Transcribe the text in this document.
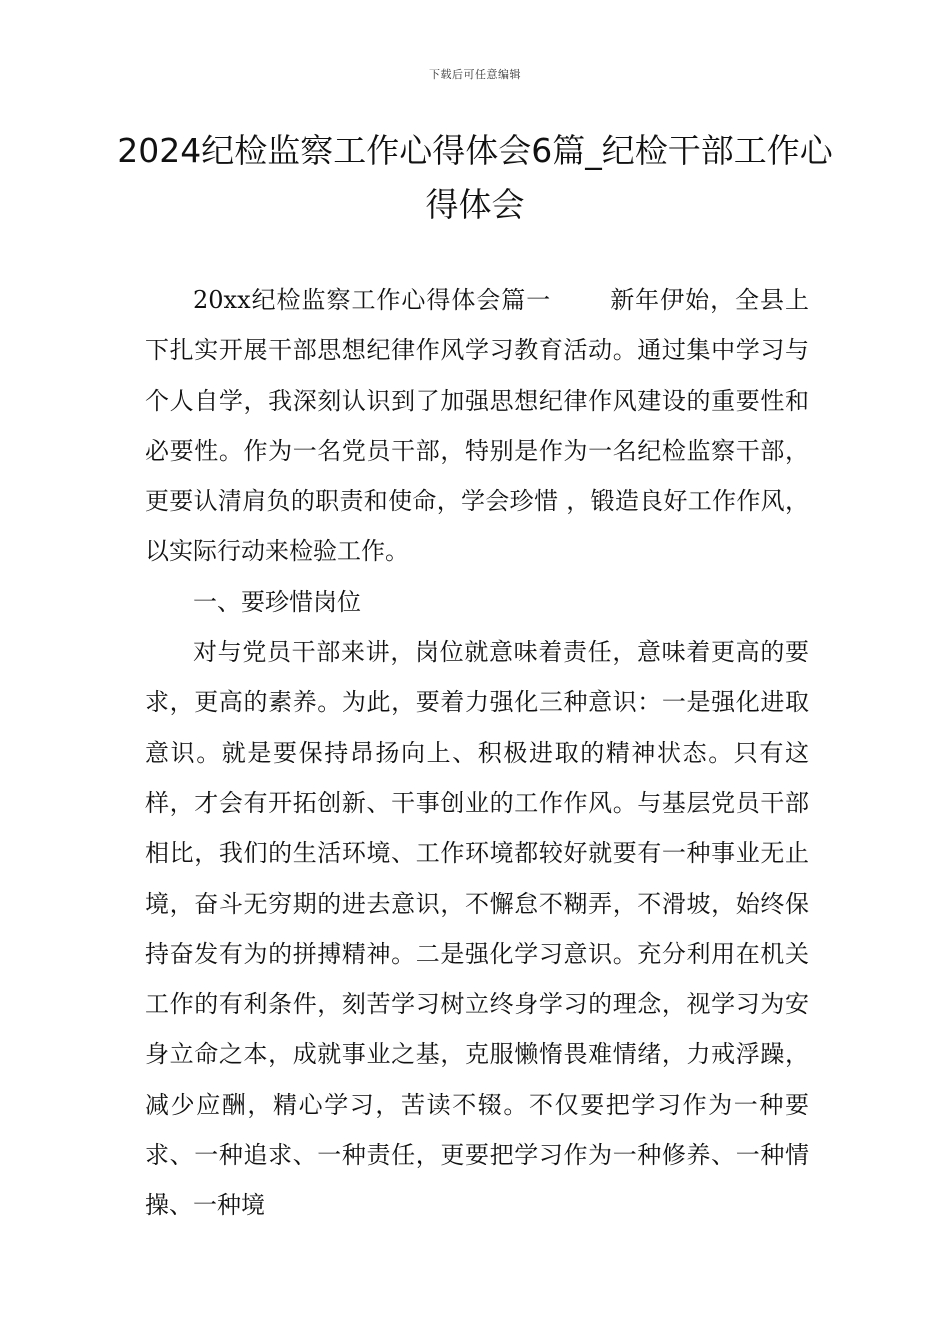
下载后可任意编辑
2024纪检监察工作心得体会6篇_纪检干部工作心得体会

20xx纪检监察工作心得体会篇一 新年伊始，全县上下扎实开展干部思想纪律作风学习教育活动。通过集中学习与个人自学，我深刻认识到了加强思想纪律作风建设的重要性和必要性。作为一名党员干部，特别是作为一名纪检监察干部，更要认清肩负的职责和使命，学会珍惜 ，锻造良好工作作风，以实际行动来检验工作。

一、要珍惜岗位

对与党员干部来讲，岗位就意味着责任，意味着更高的要求，更高的素养。为此，要着力强化三种意识：一是强化进取意识。就是要保持昂扬向上、积极进取的精神状态。只有这样，才会有开拓创新、干事创业的工作作风。与基层党员干部相比，我们的生活环境、工作环境都较好就要有一种事业无止境，奋斗无穷期的进去意识，不懈怠不糊弄，不滑坡，始终保持奋发有为的拼搏精神。二是强化学习意识。充分利用在机关工作的有利条件，刻苦学习树立终身学习的理念，视学习为安身立命之本，成就事业之基，克服懒惰畏难情绪，力戒浮躁，减少应酬，精心学习，苦读不辍。不仅要把学习作为一种要求、一种追求、一种责任，更要把学习作为一种修养、一种情操、一种境
